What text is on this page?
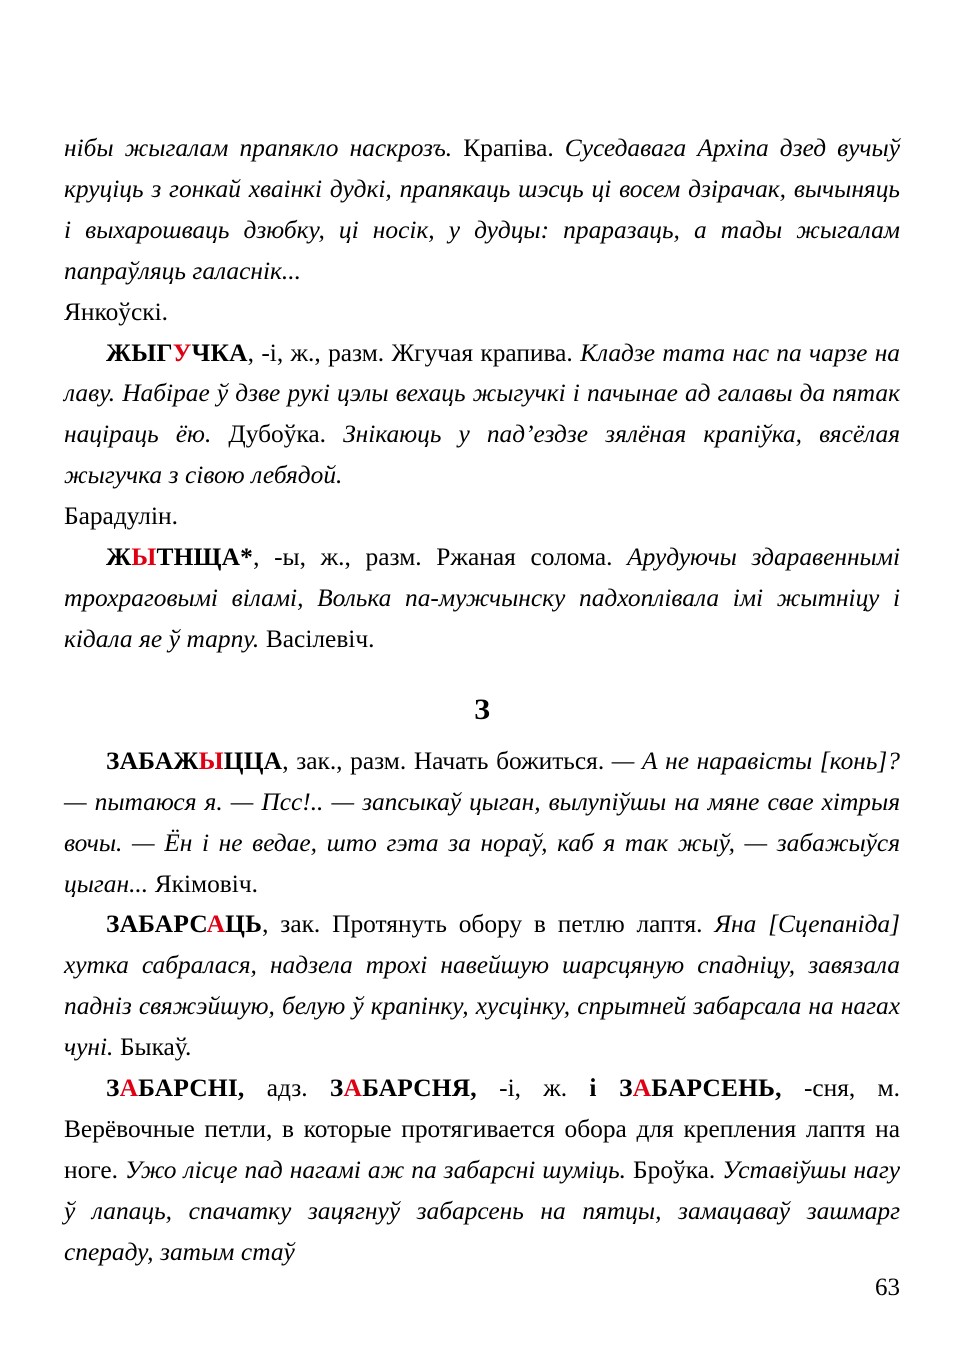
нібы жыгалам прапякло наскрозъ. Крапіва. Суседавага Архіпа дзед вучыў круціць з гонкай хваінкі дудкі, прапякаць шэсць ці восем дзірачак, вычыняць і выхарошваць дзюбку, ці носік, у дудцы: праразаць, а тады жыгалам папраўляць галаснік...
Янкоўскі.

ЖЫГУЧКА, -і, ж., разм. Жгучая крапива. Кладзе тата нас па чарзе на лаву. Набірае ў дзве рукі цэлы вехаць жыгучкі і пачынае ад галавы да пятак націраць ёю. Дубоўка. Знікаюць у пад’ездзе зялёная крапіўка, вясёлая жыгучка з сівою лебядой.
Барадулін.

ЖЫТНЩА*, -ы, ж., разм. Ржаная солома. Арудуючы здаравеннымі трохраговымі віламі, Волька па-мужчынску падхоплівала імі жытніцу і кідала яе ў тарпу. Васілевіч.

З

ЗАБАЖЫЦЦА, зак., разм. Начать божиться. — А не наравісты [конь]? — пытаюся я. — Псс!.. — запсыкаў цыган, вылупіўшы на мяне свае хітрыя вочы. — Ён і не ведае, што гэта за нораў, каб я так жыў, — забажыўся цыган... Якімовіч.

ЗАБАРСАЦЬ, зак. Протянуть обору в петлю лаптя. Яна [Сцепаніда] хутка сабралася, надзела трохі навейшую шарсцяную спадніцу, завязала падніз свяжэйшую, белую ў крапінку, хусцінку, спрытней забарсала на нагах чуні. Быкаў.

ЗАБАРСНІ, адз. ЗАБАРСНЯ, -і, ж. і ЗАБАРСЕНЬ, -сня, м. Верёвочные петли, в которые протягивается обора для крепления лаптя на ноге. Ужо лісце пад нагамі аж па забарсні шуміць. Броўка. Уставіўшы нагу ў лапаць, спачатку зацягнуў забарсень на пятцы, замацаваў зашмарг спераду, затым стаў

63
